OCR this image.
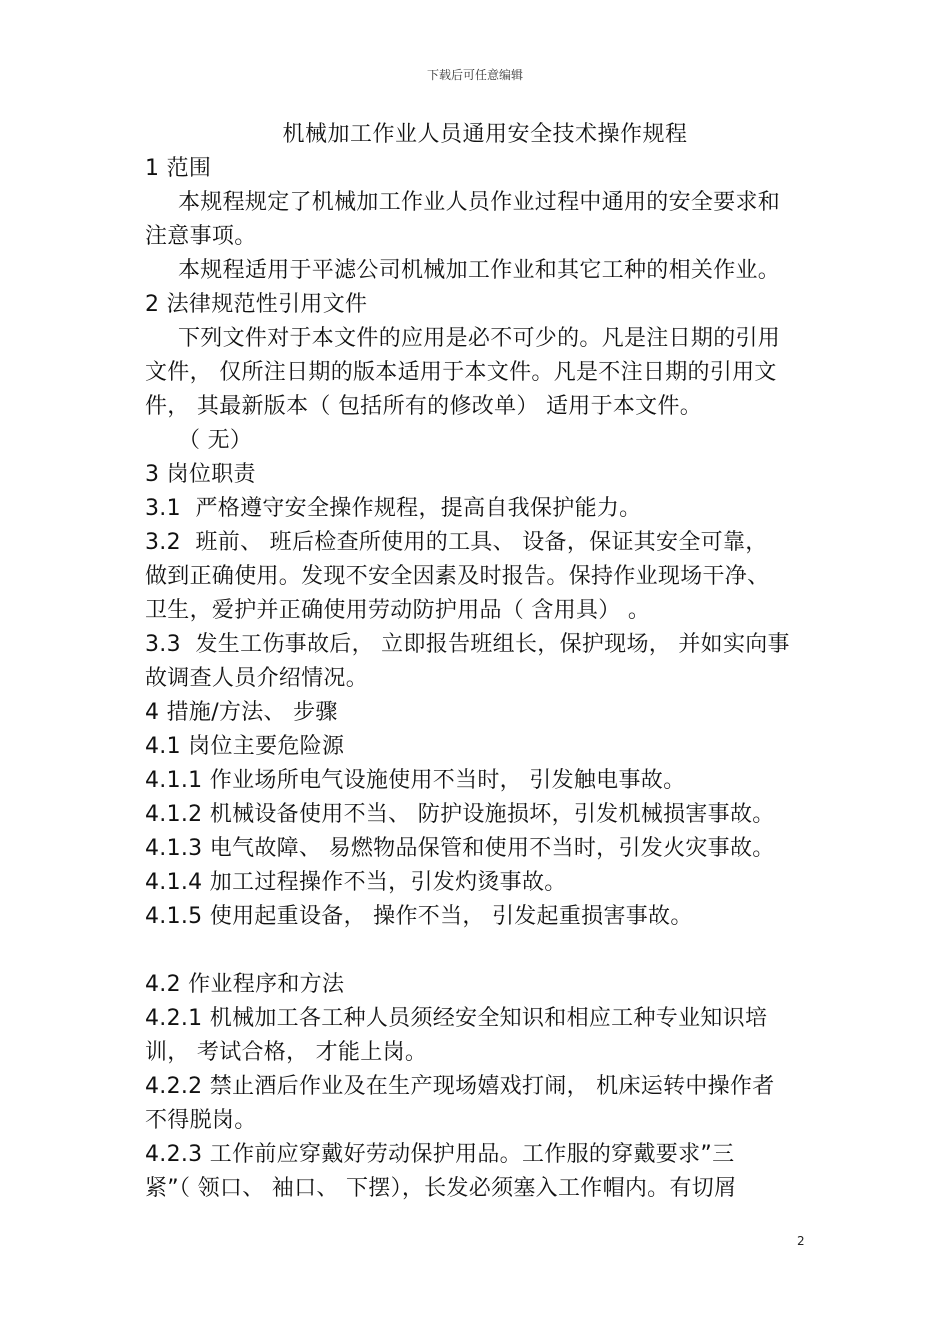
下载后可任意编辑
机械加工作业人员通用安全技术操作规程

1 范围

本规程规定了机械加工作业人员作业过程中通用的安全要求和

注意事项。

本规程适用于平滤公司机械加工作业和其它工种的相关作业。

2 法律规范性引用文件

下列文件对于本文件的应用是必不可少的。凡是注日期的引用

文件， 仅所注日期的版本适用于本文件。凡是不注日期的引用文

件， 其最新版本（ 包括所有的修改单） 适用于本文件。

（ 无）

3 岗位职责

3.1  严格遵守安全操作规程，提高自我保护能力。

3.2  班前、 班后检查所使用的工具、 设备，保证其安全可靠，

做到正确使用。发现不安全因素及时报告。保持作业现场干净、

卫生，爱护并正确使用劳动防护用品（ 含用具） 。

3.3  发生工伤事故后， 立即报告班组长，保护现场， 并如实向事

故调查人员介绍情况。

4 措施/方法、 步骤

4.1 岗位主要危险源

4.1.1 作业场所电气设施使用不当时， 引发触电事故。

4.1.2 机械设备使用不当、 防护设施损坏，引发机械损害事故。

4.1.3 电气故障、 易燃物品保管和使用不当时，引发火灾事故。

4.1.4 加工过程操作不当，引发灼烫事故。

4.1.5 使用起重设备， 操作不当， 引发起重损害事故。

4.2 作业程序和方法

4.2.1 机械加工各工种人员须经安全知识和相应工种专业知识培

训， 考试合格， 才能上岗。

4.2.2 禁止酒后作业及在生产现场嬉戏打闹， 机床运转中操作者

不得脱岗。

4.2.3 工作前应穿戴好劳动保护用品。工作服的穿戴要求”三

紧”（ 领口、 袖口、 下摆），长发必须塞入工作帽内。有切屑

2
